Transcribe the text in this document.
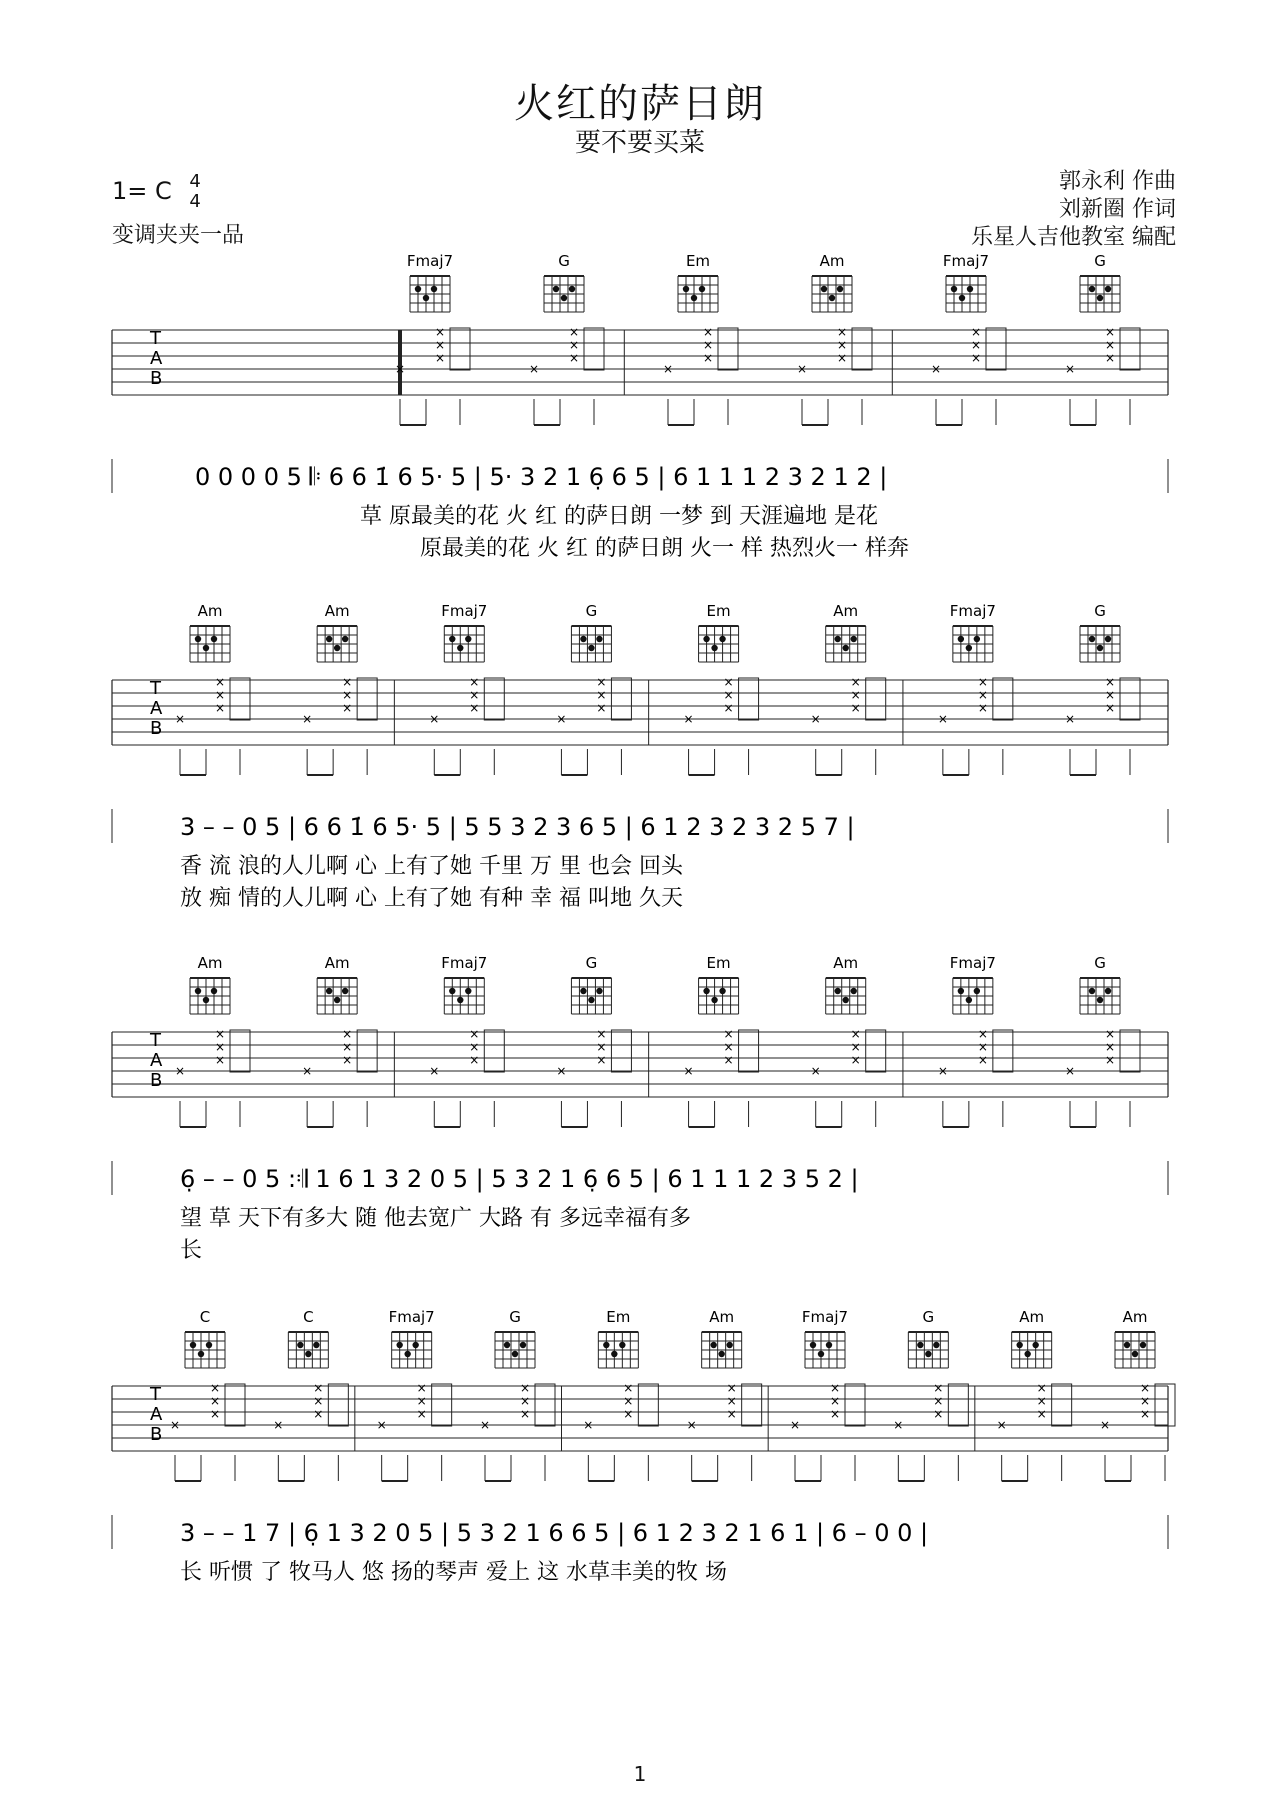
火红的萨日朗
要不要买菜
1= C 4
4
变调夹夹一品
郭永利 作曲
刘新圈 作词
乐星人吉他教室 编配
T
A
B
Fmaj7
×
×
×
×
G
×
×
×
×
Em
×
×
×
×
Am
×
×
×
×
Fmaj7
×
×
×
×
G
×
×
×
×
0 0 0 0 5 𝄆 6 6 1̇ 6 5· 5 | 5· 3 2 1 6̣ 6 5 | 6 1 1 1 2 3 2 1 2 |
草 原最美的花 火 红 的萨日朗 一梦 到 天涯遍地 是花
原最美的花 火 红 的萨日朗 火一 样 热烈火一 样奔
T
A
B
Am
×
×
×
×
Am
×
×
×
×
Fmaj7
×
×
×
×
G
×
×
×
×
Em
×
×
×
×
Am
×
×
×
×
Fmaj7
×
×
×
×
G
×
×
×
×
3 – – 0 5 | 6 6 1̇ 6 5· 5 | 5 5 3 2 3 6 5 | 6 1 2 3 2 3 2 5 7 |
香 流 浪的人儿啊 心 上有了她 千里 万 里 也会 回头
放 痴 情的人儿啊 心 上有了她 有种 幸 福 叫地 久天
T
A
B
Am
×
×
×
×
Am
×
×
×
×
Fmaj7
×
×
×
×
G
×
×
×
×
Em
×
×
×
×
Am
×
×
×
×
Fmaj7
×
×
×
×
G
×
×
×
×
6̣ – – 0 5 :𝄇 1 6 1 3 2 0 5 | 5 3 2 1 6̣ 6 5 | 6 1 1 1 2 3 5 2 |
望 草 天下有多大 随 他去宽广 大路 有 多远幸福有多
长
T
A
B
C
×
×
×
×
C
×
×
×
×
Fmaj7
×
×
×
×
G
×
×
×
×
Em
×
×
×
×
Am
×
×
×
×
Fmaj7
×
×
×
×
G
×
×
×
×
Am
×
×
×
×
Am
×
×
×
×
3 – – 1 7 | 6̣ 1 3 2 0 5 | 5 3 2 1 6 6 5 | 6 1 2 3 2 1 6 1 | 6 – 0 0 |
长 听惯 了 牧马人 悠 扬的琴声 爱上 这 水草丰美的牧 场
1
